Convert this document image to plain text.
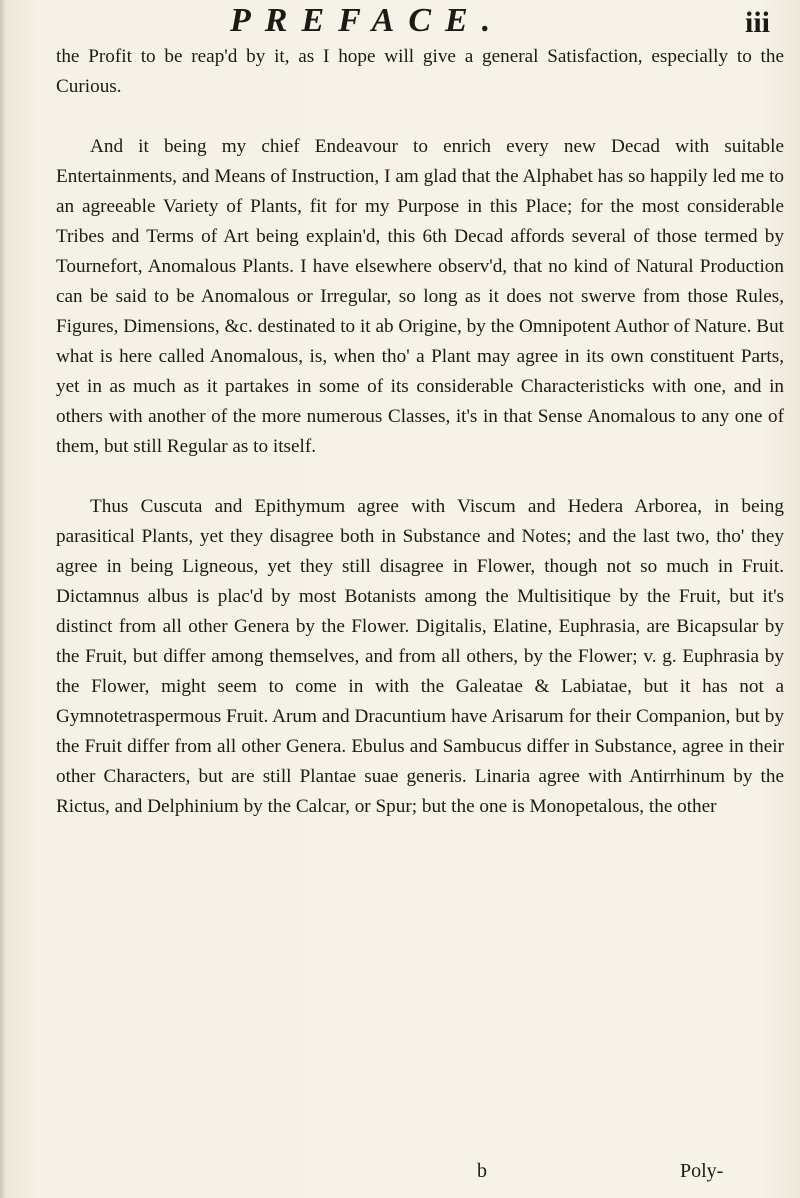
PREFACE.	iii

the Profit to be reap'd by it, as I hope will give a general Satisfaction, especially to the Curious.

And it being my chief Endeavour to enrich every new Decad with suitable Entertainments, and Means of Instruction, I am glad that the Alphabet has so happily led me to an agreeable Variety of Plants, fit for my Purpose in this Place; for the most considerable Tribes and Terms of Art being explain'd, this 6th Decad affords several of those termed by Tournefort, Anomalous Plants. I have elsewhere observ'd, that no kind of Natural Production can be said to be Anomalous or Irregular, so long as it does not swerve from those Rules, Figures, Dimensions, &c. destinated to it ab Origine, by the Omnipotent Author of Nature. But what is here called Anomalous, is, when tho' a Plant may agree in its own constituent Parts, yet in as much as it partakes in some of its considerable Characteristicks with one, and in others with another of the more numerous Classes, it's in that Sense Anomalous to any one of them, but still Regular as to itself.

Thus Cuscuta and Epithymum agree with Viscum and Hedera Arborea, in being parasitical Plants, yet they disagree both in Substance and Notes; and the last two, tho' they agree in being Ligneous, yet they still disagree in Flower, though not so much in Fruit. Dictamnus albus is plac'd by most Botanists among the Multisitique by the Fruit, but it's distinct from all other Genera by the Flower. Digitalis, Elatine, Euphrasia, are Bicapsular by the Fruit, but differ among themselves, and from all others, by the Flower; v. g. Euphrasia by the Flower, might seem to come in with the Galeatae & Labiatae, but it has not a Gymnotetraspermous Fruit. Arum and Dracuntium have Arisarum for their Companion, but by the Fruit differ from all other Genera. Ebulus and Sambucus differ in Substance, agree in their other Characters, but are still Plantae suae generis. Linaria agree with Antirrhinum by the Rictus, and Delphinium by the Calcar, or Spur; but the one is Monopetalous, the other

b	Poly-
